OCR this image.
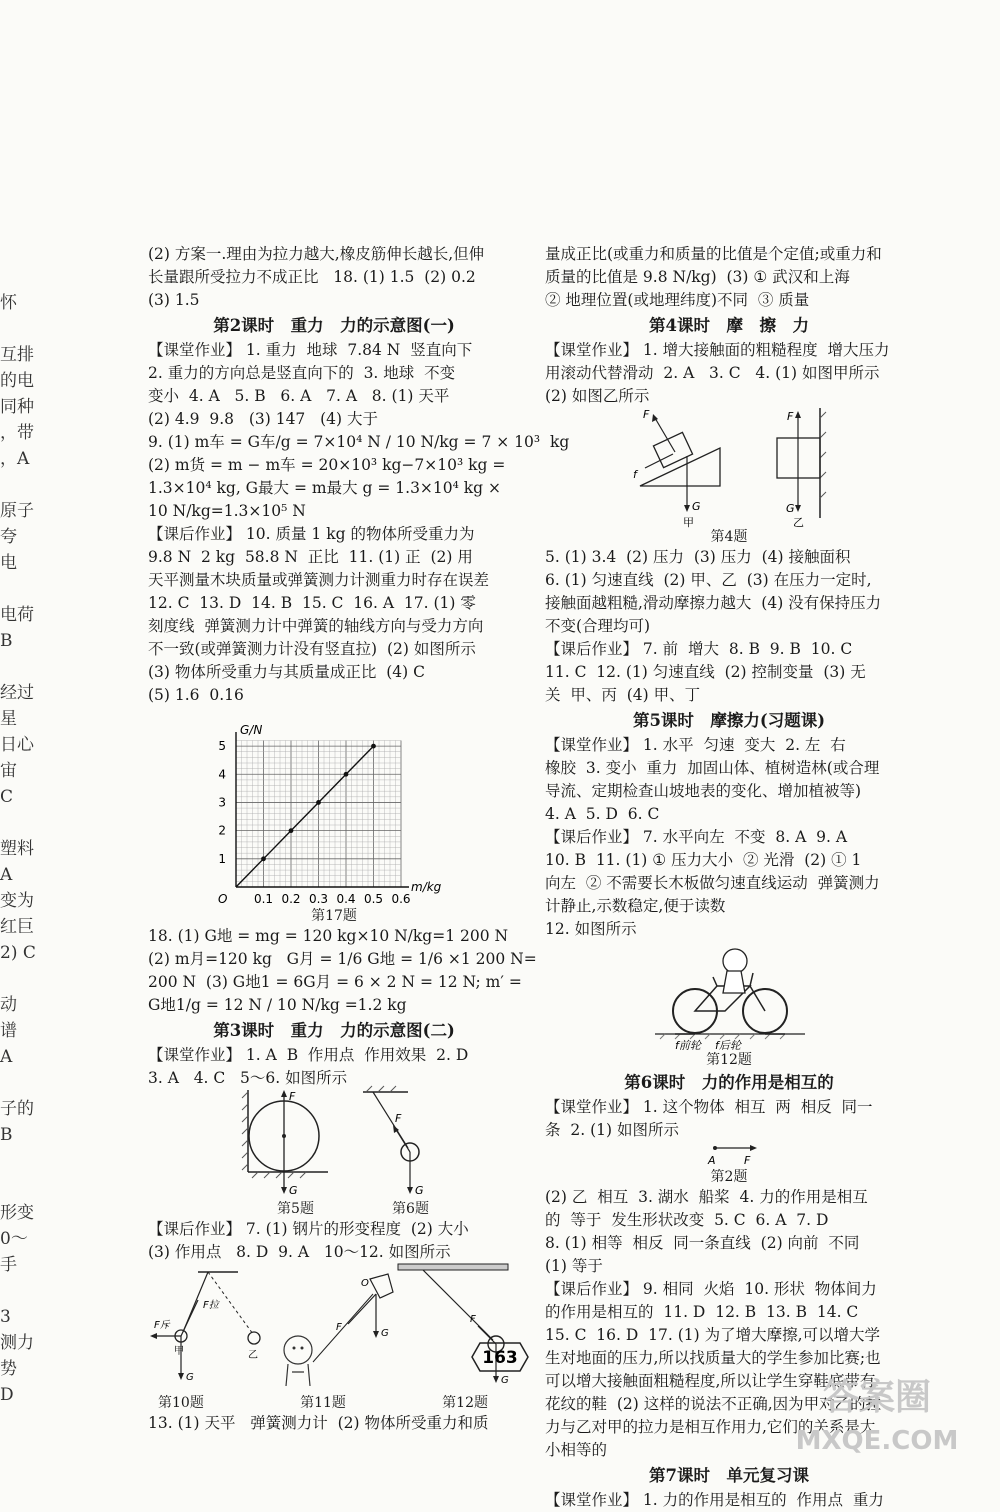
怀
互排
的电
同种
，带
，A
原子
夸
电
电荷
B
经过
星
日心
宙
C
塑料
A
变为
红巨
2) C
动
谱
A
子的
B
形变
0～
手
3
测力
势
D
(2) 方案一.理由为拉力越大,橡皮筋伸长越长,但伸
长量跟所受拉力不成正比   18. (1) 1.5  (2) 0.2
(3) 1.5
第2课时　重力　力的示意图(一)
【课堂作业】 1. 重力  地球  7.84 N  竖直向下
2. 重力的方向总是竖直向下的  3. 地球  不变
变小  4. A   5. B   6. A   7. A   8. (1) 天平
(2) 4.9  9.8   (3) 147   (4) 大于
9. (1) m车 = G车/g = 7×10⁴ N / 10 N/kg = 7 × 10³  kg
(2) m货 = m − m车 = 20×10³ kg−7×10³ kg =
1.3×10⁴ kg, G最大 = m最大 g = 1.3×10⁴ kg ×
10 N/kg=1.3×10⁵ N
【课后作业】 10. 质量 1 kg 的物体所受重力为
9.8 N  2 kg  58.8 N  正比  11. (1) 正  (2) 用
天平测量木块质量或弹簧测力计测重力时存在误差
12. C  13. D  14. B  15. C  16. A  17. (1) 零
刻度线  弹簧测力计中弹簧的轴线方向与受力方向
不一致(或弹簧测力计没有竖直拉)  (2) 如图所示
(3) 物体所受重力与其质量成正比  (4) C
(5) 1.6  0.16
G/N
m/kg
O 0.1 0.2 0.3 0.4 0.5 0.6
1
2
3
4
5
第17题
18. (1) G地 = mg = 120 kg×10 N/kg=1 200 N
(2) m月=120 kg   G月 = 1/6 G地 = 1/6 ×1 200 N=
200 N  (3) G地1 = 6G月 = 6 × 2 N = 12 N; m′ =
G地1/g = 12 N / 10 N/kg =1.2 kg
第3课时　重力　力的示意图(二)
【课堂作业】 1. A  B  作用点  作用效果  2. D
3. A   4. C   5～6. 如图所示
F
G
F
G
第5题	第6题
【课后作业】 7. (1) 钢片的形变程度  (2) 大小
(3) 作用点   8. D  9. A   10～12. 如图所示
F斥
F拉
G
甲	乙
O
G
F
F
G
第10题	第11题	第12题
13. (1) 天平   弹簧测力计  (2) 物体所受重力和质
量成正比(或重力和质量的比值是个定值;或重力和
质量的比值是 9.8 N/kg)  (3) ① 武汉和上海
② 地理位置(或地理纬度)不同  ③ 质量
第4课时　摩　擦　力
【课堂作业】 1. 增大接触面的粗糙程度  增大压力
用滚动代替滑动  2. A   3. C   4. (1) 如图甲所示
(2) 如图乙所示
G
F
f
甲
F
G
乙
第4题
5. (1) 3.4  (2) 压力  (3) 压力  (4) 接触面积
6. (1) 匀速直线  (2) 甲、乙  (3) 在压力一定时,
接触面越粗糙,滑动摩擦力越大  (4) 没有保持压力
不变(合理均可)
【课后作业】 7. 前  增大  8. B  9. B  10. C
11. C  12. (1) 匀速直线  (2) 控制变量  (3) 无
关  甲、丙  (4) 甲、丁
第5课时　摩擦力(习题课)
【课堂作业】 1. 水平  匀速  变大  2. 左  右
橡胶  3. 变小  重力  加固山体、植树造林(或合理
导流、定期检查山坡地表的变化、增加植被等)
4. A  5. D  6. C
【课后作业】 7. 水平向左  不变  8. A  9. A
10. B  11. (1) ① 压力大小  ② 光滑  (2) ① 1
向左  ② 不需要长木板做匀速直线运动  弹簧测力
计静止,示数稳定,便于读数
12. 如图所示
f前轮 f后轮
第12题
第6课时　力的作用是相互的
【课堂作业】 1. 这个物体  相互  两  相反  同一
条  2. (1) 如图所示
A	F
第2题
(2) 乙  相互  3. 湖水  船桨  4. 力的作用是相互
的  等于  发生形状改变  5. C  6. A  7. D
8. (1) 相等  相反  同一条直线  (2) 向前  不同
(1) 等于
【课后作业】 9. 相同  火焰  10. 形状  物体间力
的作用是相互的  11. D  12. B  13. B  14. C
15. C  16. D  17. (1) 为了增大摩擦,可以增大学
生对地面的压力,所以找质量大的学生参加比赛;也
可以增大接触面粗糙程度,所以让学生穿鞋底带有
花纹的鞋  (2) 这样的说法不正确,因为甲对乙的拉
力与乙对甲的拉力是相互作用力,它们的关系是大
小相等的
第7课时　单元复习课
【课堂作业】 1. 力的作用是相互的  作用点  重力
163
答案圈
MXQE.COM
